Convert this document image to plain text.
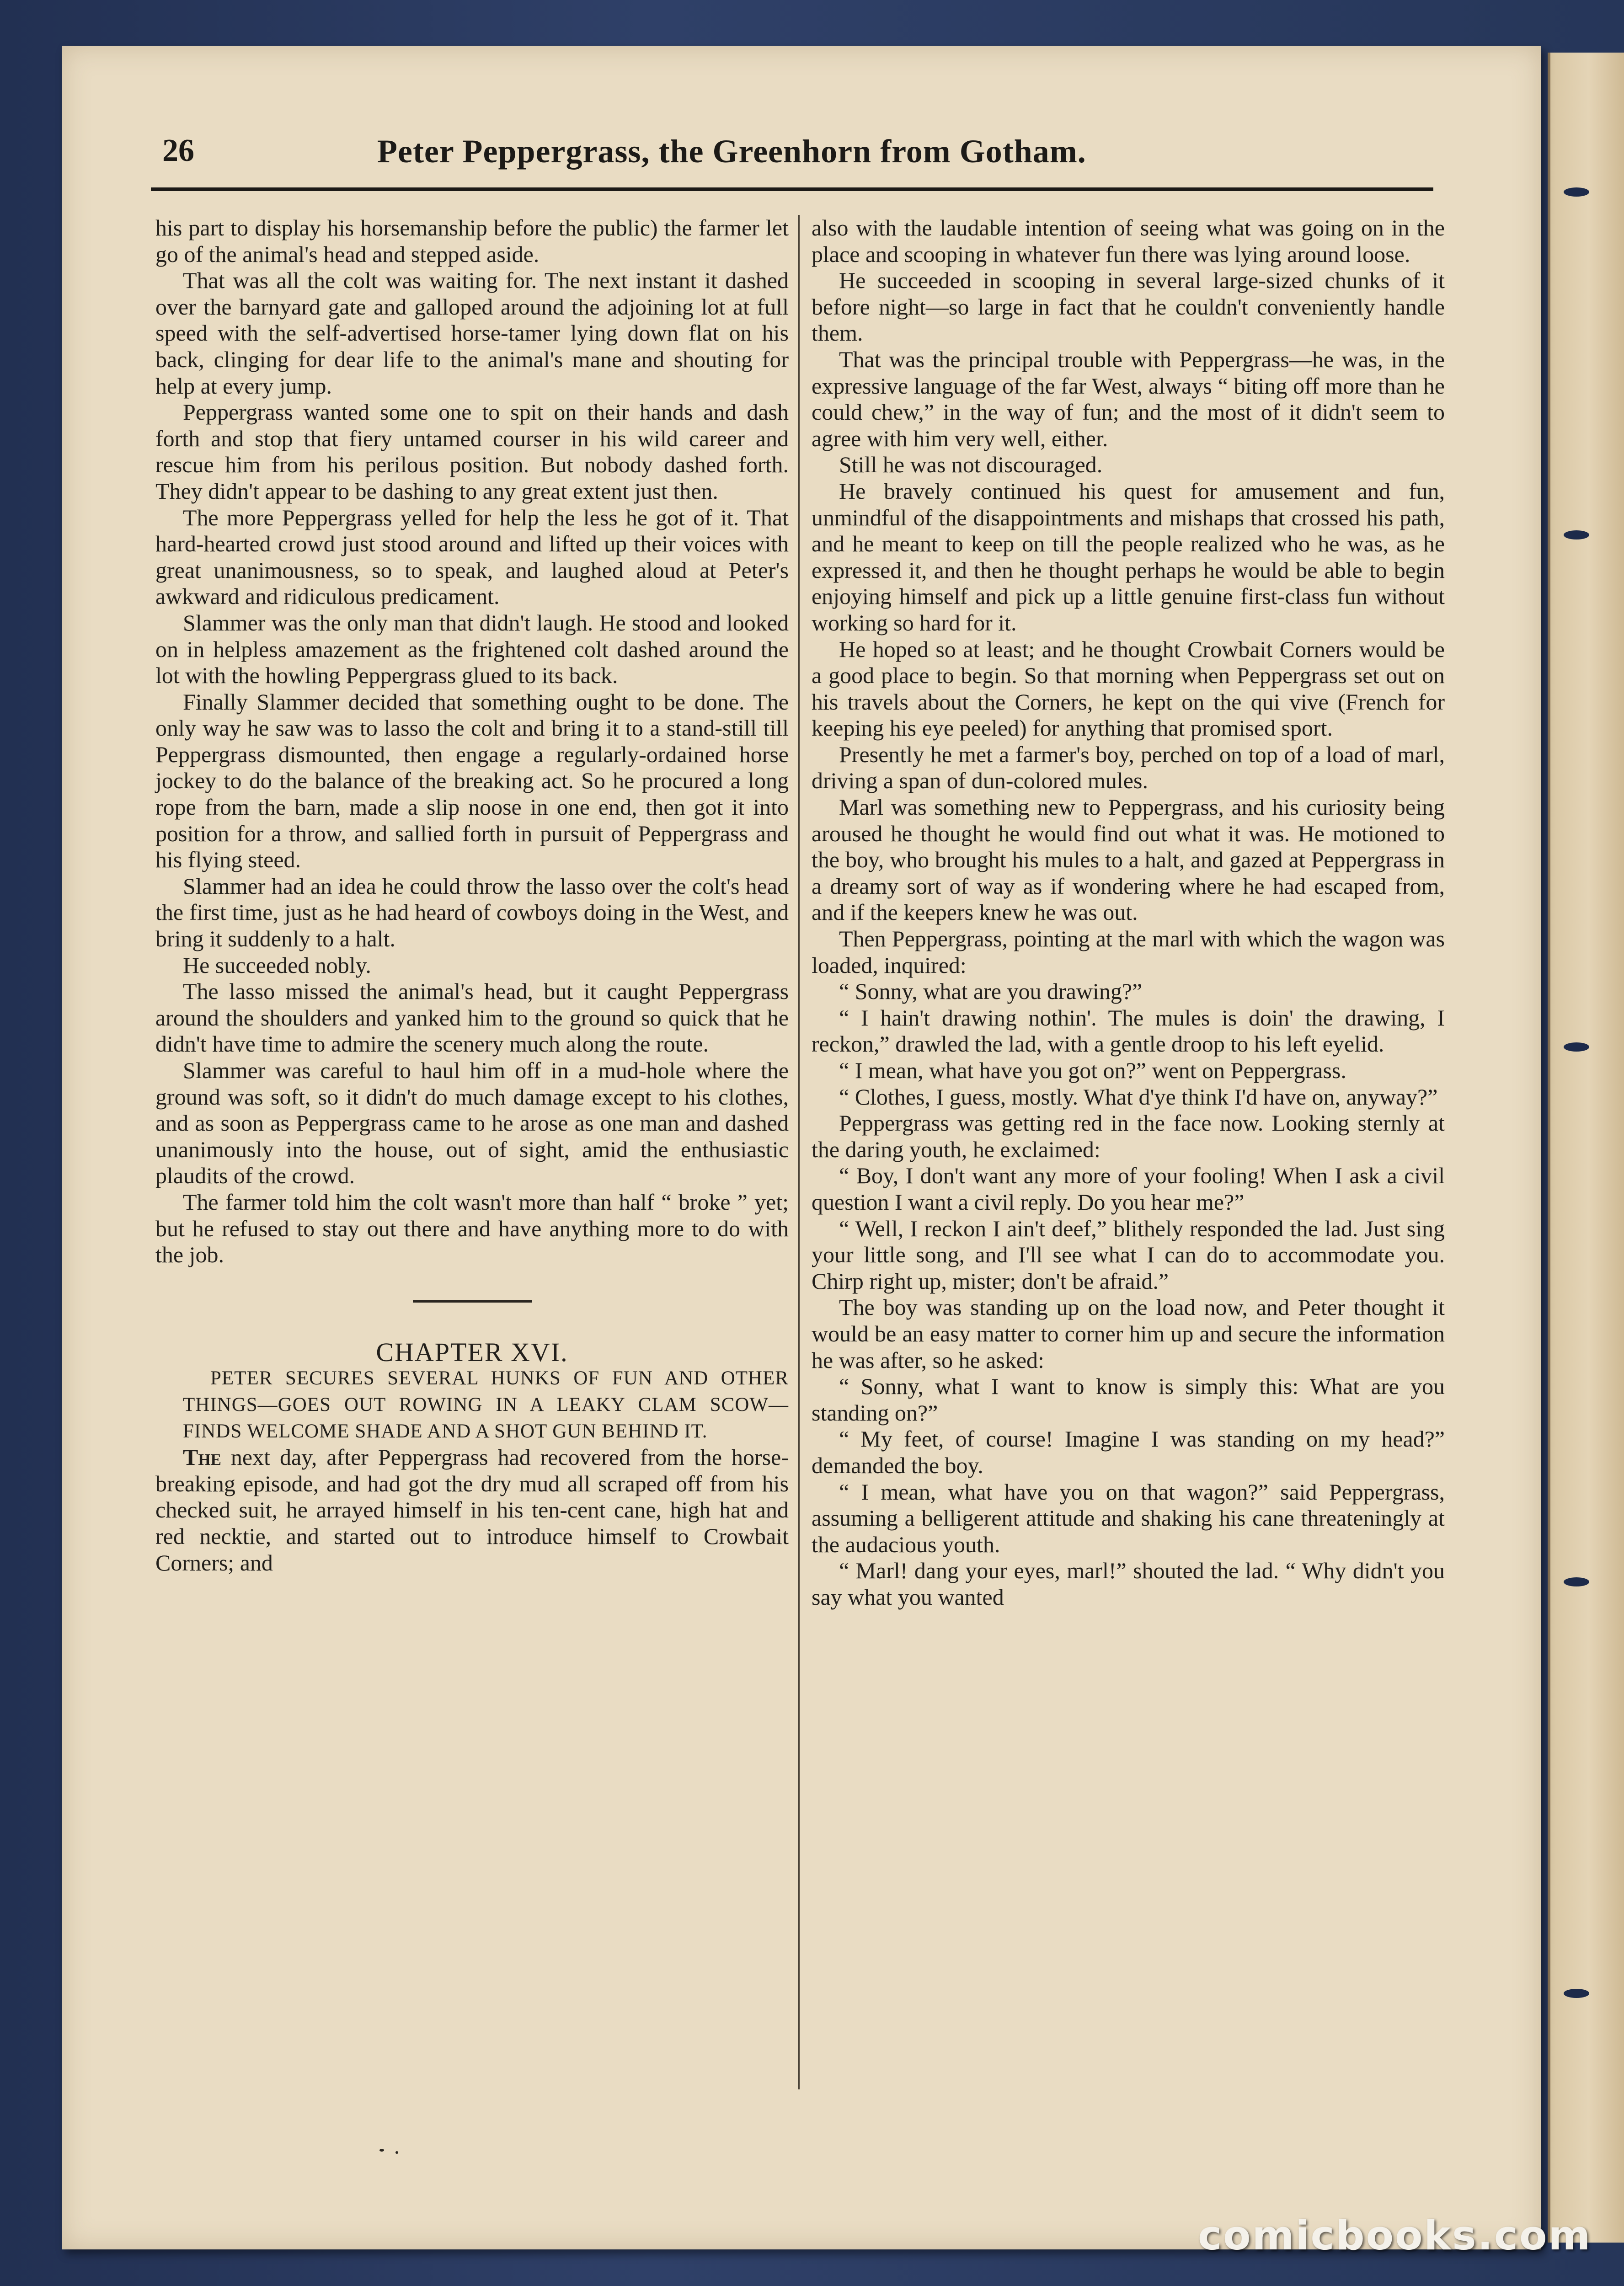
26	Peter Peppergrass, the Greenhorn from Gotham.

his part to display his horsemanship before the public) the farmer let go of the animal's head and stepped aside.

That was all the colt was waiting for. The next instant it dashed over the barnyard gate and galloped around the adjoining lot at full speed with the self-advertised horse-tamer lying down flat on his back, clinging for dear life to the animal's mane and shouting for help at every jump.

Peppergrass wanted some one to spit on their hands and dash forth and stop that fiery untamed courser in his wild career and rescue him from his perilous position. But nobody dashed forth. They didn't appear to be dashing to any great extent just then.

The more Peppergrass yelled for help the less he got of it. That hard-hearted crowd just stood around and lifted up their voices with great unanimousness, so to speak, and laughed aloud at Peter's awkward and ridiculous predicament.

Slammer was the only man that didn't laugh. He stood and looked on in helpless amazement as the frightened colt dashed around the lot with the howling Peppergrass glued to its back.

Finally Slammer decided that something ought to be done. The only way he saw was to lasso the colt and bring it to a stand-still till Peppergrass dismounted, then engage a regularly-ordained horse jockey to do the balance of the breaking act. So he procured a long rope from the barn, made a slip noose in one end, then got it into position for a throw, and sallied forth in pursuit of Peppergrass and his flying steed.

Slammer had an idea he could throw the lasso over the colt's head the first time, just as he had heard of cowboys doing in the West, and bring it suddenly to a halt.

He succeeded nobly.

The lasso missed the animal's head, but it caught Peppergrass around the shoulders and yanked him to the ground so quick that he didn't have time to admire the scenery much along the route.

Slammer was careful to haul him off in a mud-hole where the ground was soft, so it didn't do much damage except to his clothes, and as soon as Peppergrass came to he arose as one man and dashed unanimously into the house, out of sight, amid the enthusiastic plaudits of the crowd.

The farmer told him the colt wasn't more than half “ broke ” yet; but he refused to stay out there and have anything more to do with the job.

CHAPTER XVI.

PETER SECURES SEVERAL HUNKS OF FUN AND OTHER THINGS—GOES OUT ROWING IN A LEAKY CLAM SCOW—FINDS WELCOME SHADE AND A SHOT GUN BEHIND IT.

The next day, after Peppergrass had recovered from the horse-breaking episode, and had got the dry mud all scraped off from his checked suit, he arrayed himself in his ten-cent cane, high hat and red necktie, and started out to introduce himself to Crowbait Corners; and

also with the laudable intention of seeing what was going on in the place and scooping in whatever fun there was lying around loose.

He succeeded in scooping in several large-sized chunks of it before night—so large in fact that he couldn't conveniently handle them.

That was the principal trouble with Peppergrass—he was, in the expressive language of the far West, always “ biting off more than he could chew,” in the way of fun; and the most of it didn't seem to agree with him very well, either.

Still he was not discouraged.

He bravely continued his quest for amusement and fun, unmindful of the disappointments and mishaps that crossed his path, and he meant to keep on till the people realized who he was, as he expressed it, and then he thought perhaps he would be able to begin enjoying himself and pick up a little genuine first-class fun without working so hard for it.

He hoped so at least; and he thought Crowbait Corners would be a good place to begin. So that morning when Peppergrass set out on his travels about the Corners, he kept on the qui vive (French for keeping his eye peeled) for anything that promised sport.

Presently he met a farmer's boy, perched on top of a load of marl, driving a span of dun-colored mules.

Marl was something new to Peppergrass, and his curiosity being aroused he thought he would find out what it was. He motioned to the boy, who brought his mules to a halt, and gazed at Peppergrass in a dreamy sort of way as if wondering where he had escaped from, and if the keepers knew he was out.

Then Peppergrass, pointing at the marl with which the wagon was loaded, inquired:

“ Sonny, what are you drawing?”

“ I hain't drawing nothin'. The mules is doin' the drawing, I reckon,” drawled the lad, with a gentle droop to his left eyelid.

“ I mean, what have you got on?” went on Peppergrass.

“ Clothes, I guess, mostly. What d'ye think I'd have on, anyway?”

Peppergrass was getting red in the face now. Looking sternly at the daring youth, he exclaimed:

“ Boy, I don't want any more of your fooling! When I ask a civil question I want a civil reply. Do you hear me?”

“ Well, I reckon I ain't deef,” blithely responded the lad. Just sing your little song, and I'll see what I can do to accommodate you. Chirp right up, mister; don't be afraid.”

The boy was standing up on the load now, and Peter thought it would be an easy matter to corner him up and secure the information he was after, so he asked:

“ Sonny, what I want to know is simply this: What are you standing on?”

“ My feet, of course! Imagine I was standing on my head?” demanded the boy.

“ I mean, what have you on that wagon?” said Peppergrass, assuming a belligerent attitude and shaking his cane threateningly at the audacious youth.

“ Marl! dang your eyes, marl!” shouted the lad. “ Why didn't you say what you wanted

comicbooks.com
